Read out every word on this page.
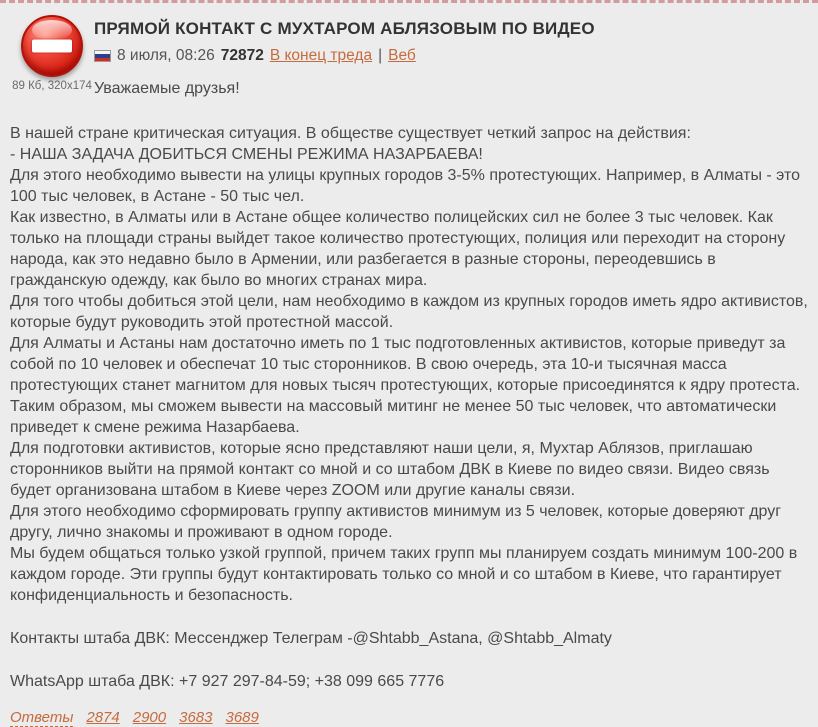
89 Кб, 320x174
ПРЯМОЙ КОНТАКТ С МУХТАРОМ АБЛЯЗОВЫМ ПО ВИДЕО
8 июля, 08:26 72872 В конец треда | Веб
Уважаемые друзья!
В нашей стране критическая ситуация. В обществе существует четкий запрос на действия:
- НАША ЗАДАЧА ДОБИТЬСЯ СМЕНЫ РЕЖИМА НАЗАРБАЕВА!
Для этого необходимо вывести на улицы крупных городов 3-5% протестующих. Например, в Алматы - это 100 тыс человек, в Астане - 50 тыс чел.
Как известно, в Алматы или в Астане общее количество полицейских сил не более 3 тыс человек. Как только на площади страны выйдет такое количество протестующих, полиция или переходит на сторону народа, как это недавно было в Армении, или разбегается в разные стороны, переодевшись в гражданскую одежду, как было во многих странах мира.
Для того чтобы добиться этой цели, нам необходимо в каждом из крупных городов иметь ядро активистов, которые будут руководить этой протестной массой.
Для Алматы и Астаны нам достаточно иметь по 1 тыс подготовленных активистов, которые приведут за собой по 10 человек и обеспечат 10 тыс сторонников. В свою очередь, эта 10-и тысячная масса протестующих станет магнитом для новых тысяч протестующих, которые присоединятся к ядру протеста.
Таким образом, мы сможем вывести на массовый митинг не менее 50 тыс человек, что автоматически приведет к смене режима Назарбаева.
Для подготовки активистов, которые ясно представляют наши цели, я, Мухтар Аблязов, приглашаю сторонников выйти на прямой контакт со мной и со штабом ДВК в Киеве по видео связи. Видео связь будет организована штабом в Киеве через ZOOM или другие каналы связи.
Для этого необходимо сформировать группу активистов минимум из 5 человек, которые доверяют друг другу, лично знакомы и проживают в одном городе.
Мы будем общаться только узкой группой, причем таких групп мы планируем создать минимум 100-200 в каждом городе. Эти группы будут контактировать только со мной и со штабом в Киеве, что гарантирует конфиденциальность и безопасность.
Контакты штаба ДВК: Мессенджер Телеграм -@Shtabb_Astana, @Shtabb_Almaty
WhatsApp штаба ДВК: +7 927 297-84-59; +38 099 665 7776
Ответы 2874 2900 3683 3689
